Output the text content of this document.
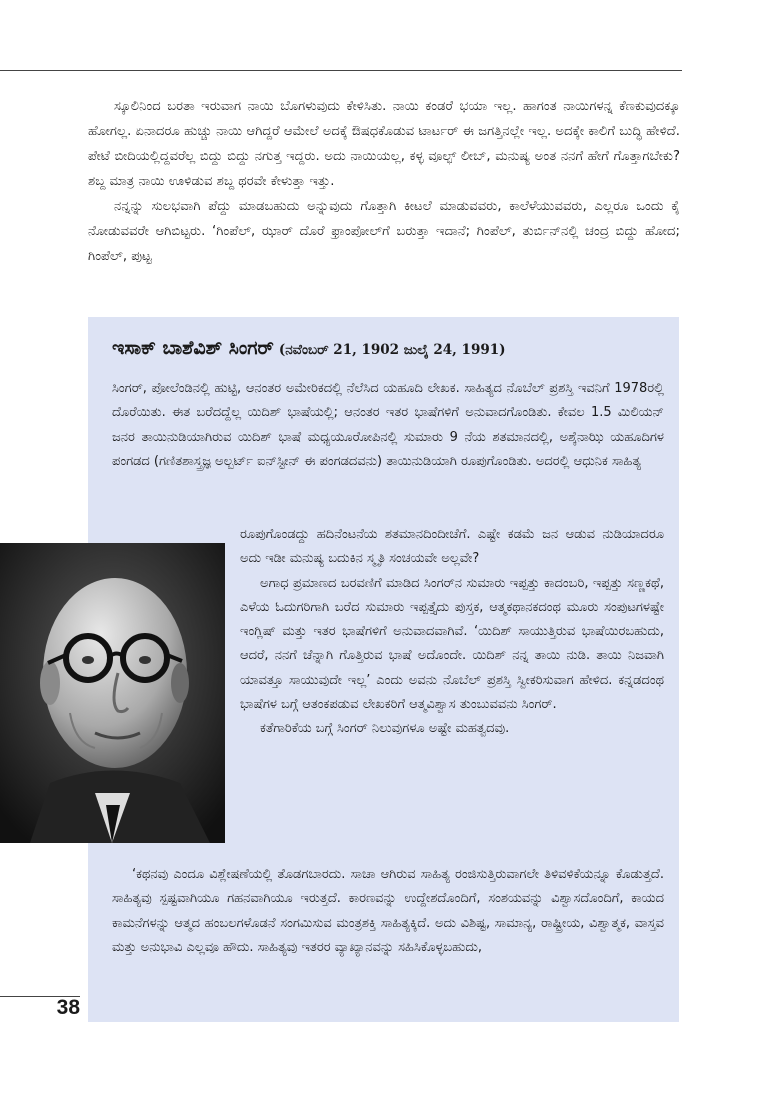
ಸ್ಕೂಲಿನಿಂದ ಬರತಾ ಇರುವಾಗ ನಾಯಿ ಬೊಗಳುವುದು ಕೇಳಿಸಿತು. ನಾಯಿ ಕಂಡರೆ ಭಯಾ ಇಲ್ಲ. ಹಾಗಂತ ನಾಯಿಗಳನ್ನ ಕೆಣಕುವುದಕ್ಕೂ ಹೋಗಲ್ಲ. ಏನಾದರೂ ಹುಚ್ಚು ನಾಯಿ ಆಗಿದ್ದರೆ ಆಮೇಲೆ ಅದಕ್ಕೆ ಔಷಧಕೊಡುವ ಟಾರ್ಟರ್ ಈ ಜಗತ್ತಿನಲ್ಲೇ ಇಲ್ಲ. ಅದಕ್ಕೇ ಕಾಲಿಗೆ ಬುದ್ಧಿ ಹೇಳಿದೆ. ಪೇಟೆ ಬೀದಿಯಲ್ಲಿದ್ದವರೆಲ್ಲ ಬಿದ್ದು ಬಿದ್ದು ನಗುತ್ತ ಇದ್ದರು. ಅದು ನಾಯಿಯಲ್ಲ, ಕಳ್ಳ ವೂಲ್ಫ್ ಲೀಬ್, ಮನುಷ್ಯ ಅಂತ ನನಗೆ ಹೇಗೆ ಗೊತ್ತಾಗಬೇಕು? ಶಬ್ದ ಮಾತ್ರ ನಾಯಿ ಊಳಿಡುವ ಶಬ್ದ ಥರವೇ ಕೇಳುತ್ತಾ ಇತ್ತು.

ನನ್ನನ್ನು ಸುಲಭವಾಗಿ ಪೆದ್ದು ಮಾಡಬಹುದು ಅನ್ನುವುದು ಗೊತ್ತಾಗಿ ಕೀಟಲೆ ಮಾಡುವವರು, ಕಾಲೆಳೆಯುವವರು, ಎಲ್ಲರೂ ಒಂದು ಕೈ ನೋಡುವವರೇ ಆಗಿಬಿಟ್ಟರು. ‘ಗಿಂಪೆಲ್, ಝಾರ್ ದೊರೆ ಫ್ರಾಂಪೋಲ್‌ಗೆ ಬರುತ್ತಾ ಇದಾನೆ; ಗಿಂಪೆಲ್, ತುರ್ಬಿನ್‌ನಲ್ಲಿ ಚಂದ್ರ ಬಿದ್ದು ಹೋದ; ಗಿಂಪೆಲ್, ಪುಟ್ಟ

ಇಸಾಕ್ ಬಾಶೆವಿಶ್ ಸಿಂಗರ್ (ನವೆಂಬರ್ 21, 1902 ಜುಲೈ 24, 1991)

ಸಿಂಗರ್, ಪೋಲೆಂಡಿನಲ್ಲಿ ಹುಟ್ಟಿ, ಆನಂತರ ಅಮೇರಿಕದಲ್ಲಿ ನೆಲೆಸಿದ ಯಹೂದಿ ಲೇಖಕ. ಸಾಹಿತ್ಯದ ನೊಬೆಲ್ ಪ್ರಶಸ್ತಿ ಇವನಿಗೆ 1978ರಲ್ಲಿ ದೊರೆಯಿತು. ಈತ ಬರೆದದ್ದೆಲ್ಲ ಯಿದಿಶ್ ಭಾಷೆಯಲ್ಲಿ; ಆನಂತರ ಇತರ ಭಾಷೆಗಳಿಗೆ ಅನುವಾದಗೊಂಡಿತು. ಕೇವಲ 1.5 ಮಿಲಿಯನ್ ಜನರ ತಾಯಿನುಡಿಯಾಗಿರುವ ಯಿದಿಶ್ ಭಾಷೆ ಮಧ್ಯಯೂರೋಪಿನಲ್ಲಿ ಸುಮಾರು 9 ನೆಯ ಶತಮಾನದಲ್ಲಿ, ಅಶ್ಕೆನಾಝಿ ಯಹೂದಿಗಳ ಪಂಗಡದ (ಗಣಿತಶಾಸ್ತ್ರಜ್ಞ ಅಲ್ಬರ್ಟ್ ಐನ್‌ಸ್ಟೀನ್ ಈ ಪಂಗಡದವನು) ತಾಯಿನುಡಿಯಾಗಿ ರೂಪುಗೊಂಡಿತು. ಅದರಲ್ಲಿ ಆಧುನಿಕ ಸಾಹಿತ್ಯ

ರೂಪುಗೊಂಡದ್ದು ಹದಿನೆಂಟನೆಯ ಶತಮಾನದಿಂದೀಚೆಗೆ. ಎಷ್ಟೇ ಕಡಮೆ ಜನ ಆಡುವ ನುಡಿಯಾದರೂ ಅದು ಇಡೀ ಮನುಷ್ಯ ಬದುಕಿನ ಸ್ಮೃತಿ ಸಂಚಯವೇ ಅಲ್ಲವೇ?

ಅಗಾಧ ಪ್ರಮಾಣದ ಬರವಣಿಗೆ ಮಾಡಿದ ಸಿಂಗರ್‌ನ ಸುಮಾರು ಇಪ್ಪತ್ತು ಕಾದಂಬರಿ, ಇಪ್ಪತ್ತು ಸಣ್ಣಕಥೆ, ಎಳೆಯ ಓದುಗರಿಗಾಗಿ ಬರೆದ ಸುಮಾರು ಇಪ್ಪತ್ತೈದು ಪುಸ್ತಕ, ಆತ್ಮಕಥಾನಕದಂಥ ಮೂರು ಸಂಪುಟಗಳಷ್ಟೇ ಇಂಗ್ಲಿಷ್ ಮತ್ತು ಇತರ ಭಾಷೆಗಳಿಗೆ ಅನುವಾದವಾಗಿವೆ. ‘ಯಿದಿಶ್ ಸಾಯುತ್ತಿರುವ ಭಾಷೆಯಿರಬಹುದು, ಆದರೆ, ನನಗೆ ಚೆನ್ನಾಗಿ ಗೊತ್ತಿರುವ ಭಾಷೆ ಅದೊಂದೇ. ಯಿದಿಶ್ ನನ್ನ ತಾಯಿ ನುಡಿ. ತಾಯಿ ನಿಜವಾಗಿ ಯಾವತ್ತೂ ಸಾಯುವುದೇ ಇಲ್ಲ’ ಎಂದು ಅವನು ನೊಬೆಲ್ ಪ್ರಶಸ್ತಿ ಸ್ವೀಕರಿಸುವಾಗ ಹೇಳಿದ. ಕನ್ನಡದಂಥ ಭಾಷೆಗಳ ಬಗ್ಗೆ ಆತಂಕಪಡುವ ಲೇಖಕರಿಗೆ ಆತ್ಮವಿಶ್ವಾಸ ತುಂಬುವವನು ಸಿಂಗರ್.

ಕತೆಗಾರಿಕೆಯ ಬಗ್ಗೆ ಸಿಂಗರ್ ನಿಲುವುಗಳೂ ಅಷ್ಟೇ ಮಹತ್ವದವು.

‘ಕಥನವು ಎಂದೂ ವಿಶ್ಲೇಷಣೆಯಲ್ಲಿ ತೊಡಗಬಾರದು. ಸಾಚಾ ಆಗಿರುವ ಸಾಹಿತ್ಯ ರಂಜಿಸುತ್ತಿರುವಾಗಲೇ ತಿಳಿವಳಿಕೆಯನ್ನೂ ಕೊಡುತ್ತದೆ. ಸಾಹಿತ್ಯವು ಸ್ಪಷ್ಟವಾಗಿಯೂ ಗಹನವಾಗಿಯೂ ಇರುತ್ತದೆ. ಕಾರಣವನ್ನು ಉದ್ದೇಶದೊಂದಿಗೆ, ಸಂಶಯವನ್ನು ವಿಶ್ವಾಸದೊಂದಿಗೆ, ಕಾಯದ ಕಾಮನೆಗಳನ್ನು ಆತ್ಮದ ಹಂಬಲಗಳೊಡನೆ ಸಂಗಮಿಸುವ ಮಂತ್ರಶಕ್ತಿ ಸಾಹಿತ್ಯಕ್ಕಿದೆ. ಅದು ವಿಶಿಷ್ಟ, ಸಾಮಾನ್ಯ, ರಾಷ್ಟ್ರೀಯ, ವಿಶ್ವಾತ್ಮಕ, ವಾಸ್ತವ ಮತ್ತು ಅನುಭಾವಿ ಎಲ್ಲವೂ ಹೌದು. ಸಾಹಿತ್ಯವು ಇತರರ ವ್ಯಾಖ್ಯಾನವನ್ನು ಸಹಿಸಿಕೊಳ್ಳಬಹುದು,

38
